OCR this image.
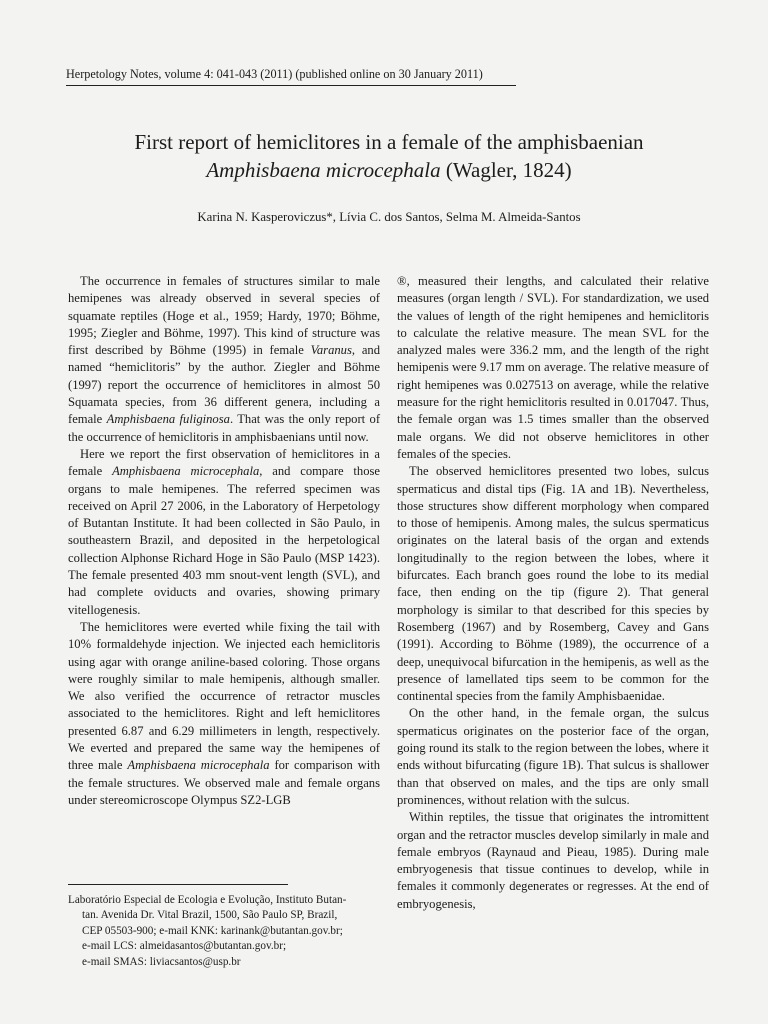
Herpetology Notes, volume 4: 041-043 (2011) (published online on 30 January 2011)
First report of hemiclitores in a female of the amphisbaenian
Amphisbaena microcephala (Wagler, 1824)
Karina N. Kasperoviczus*, Lívia C. dos Santos, Selma M. Almeida-Santos

The occurrence in females of structures similar to male hemipenes was already observed in several species of squamate reptiles (Hoge et al., 1959; Hardy, 1970; Böhme, 1995; Ziegler and Böhme, 1997). This kind of structure was first described by Böhme (1995) in female Varanus, and named “hemiclitoris” by the author. Ziegler and Böhme (1997) report the occurrence of hemiclitores in almost 50 Squamata species, from 36 different genera, including a female Amphisbaena fuliginosa. That was the only report of the occurrence of hemiclitoris in amphisbaenians until now.

Here we report the first observation of hemiclitores in a female Amphisbaena microcephala, and compare those organs to male hemipenes. The referred specimen was received on April 27 2006, in the Laboratory of Herpetology of Butantan Institute. It had been collected in São Paulo, in southeastern Brazil, and deposited in the herpetological collection Alphonse Richard Hoge in São Paulo (MSP 1423). The female presented 403 mm snout-vent length (SVL), and had complete oviducts and ovaries, showing primary vitellogenesis.

The hemiclitores were everted while fixing the tail with 10% formaldehyde injection. We injected each hemiclitoris using agar with orange aniline-based coloring. Those organs were roughly similar to male hemipenis, although smaller. We also verified the occurrence of retractor muscles associated to the hemiclitores. Right and left hemiclitores presented 6.87 and 6.29 millimeters in length, respectively. We everted and prepared the same way the hemipenes of three male Amphisbaena microcephala for comparison with the female structures. We observed male and female organs under stereomicroscope Olympus SZ2-LGB

®, measured their lengths, and calculated their relative measures (organ length / SVL). For standardization, we used the values of length of the right hemipenes and hemiclitoris to calculate the relative measure. The mean SVL for the analyzed males were 336.2 mm, and the length of the right hemipenis were 9.17 mm on average. The relative measure of right hemipenes was 0.027513 on average, while the relative measure for the right hemiclitoris resulted in 0.017047. Thus, the female organ was 1.5 times smaller than the observed male organs. We did not observe hemiclitores in other females of the species.

The observed hemiclitores presented two lobes, sulcus spermaticus and distal tips (Fig. 1A and 1B). Nevertheless, those structures show different morphology when compared to those of hemipenis. Among males, the sulcus spermaticus originates on the lateral basis of the organ and extends longitudinally to the region between the lobes, where it bifurcates. Each branch goes round the lobe to its medial face, then ending on the tip (figure 2). That general morphology is similar to that described for this species by Rosemberg (1967) and by Rosemberg, Cavey and Gans (1991). According to Böhme (1989), the occurrence of a deep, unequivocal bifurcation in the hemipenis, as well as the presence of lamellated tips seem to be common for the continental species from the family Amphisbaenidae.

On the other hand, in the female organ, the sulcus spermaticus originates on the posterior face of the organ, going round its stalk to the region between the lobes, where it ends without bifurcating (figure 1B). That sulcus is shallower than that observed on males, and the tips are only small prominences, without relation with the sulcus.

Within reptiles, the tissue that originates the intromittent organ and the retractor muscles develop similarly in male and female embryos (Raynaud and Pieau, 1985). During male embryogenesis that tissue continues to develop, while in females it commonly degenerates or regresses. At the end of embryogenesis,

Laboratório Especial de Ecologia e Evolução, Instituto Butan-
tan. Avenida Dr. Vital Brazil, 1500, São Paulo SP, Brazil,
CEP 05503-900; e-mail KNK: karinank@butantan.gov.br;
e-mail LCS: almeidasantos@butantan.gov.br;
e-mail SMAS: liviacsantos@usp.br
